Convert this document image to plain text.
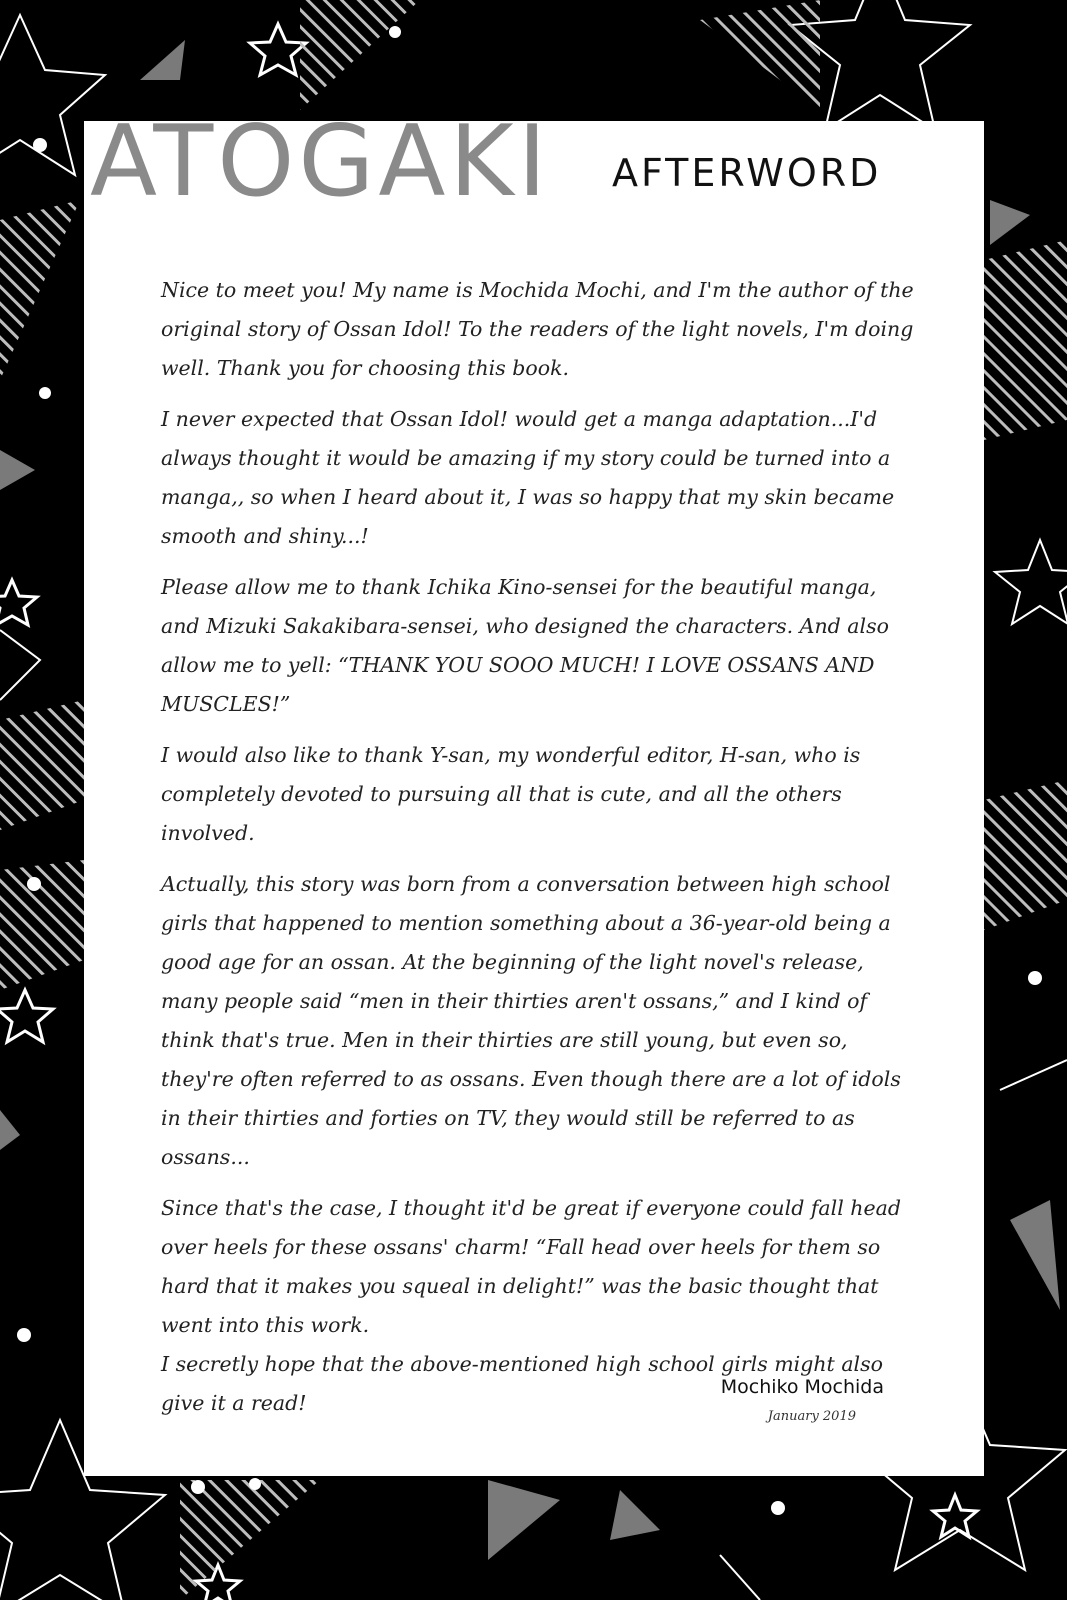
ATOGAKI AFTERWORD

Nice to meet you! My name is Mochida Mochi, and I'm the author of the original story of Ossan Idol! To the readers of the light novels, I'm doing well. Thank you for choosing this book.

I never expected that Ossan Idol! would get a manga adaptation...I'd always thought it would be amazing if my story could be turned into a manga,, so when I heard about it, I was so happy that my skin became smooth and shiny...!

Please allow me to thank Ichika Kino-sensei for the beautiful manga, and Mizuki Sakakibara-sensei, who designed the characters. And also allow me to yell: “THANK YOU SOOO MUCH! I LOVE OSSANS AND MUSCLES!”

I would also like to thank Y-san, my wonderful editor, H-san, who is completely devoted to pursuing all that is cute, and all the others involved.

Actually, this story was born from a conversation between high school girls that happened to mention something about a 36-year-old being a good age for an ossan. At the beginning of the light novel's release, many people said “men in their thirties aren't ossans,” and I kind of think that's true. Men in their thirties are still young, but even so, they're often referred to as ossans. Even though there are a lot of idols in their thirties and forties on TV, they would still be referred to as ossans...

Since that's the case, I thought it'd be great if everyone could fall head over heels for these ossans' charm! “Fall head over heels for them so hard that it makes you squeal in delight!” was the basic thought that went into this work.

I secretly hope that the above-mentioned high school girls might also give it a read!

Mochiko Mochida
January 2019
